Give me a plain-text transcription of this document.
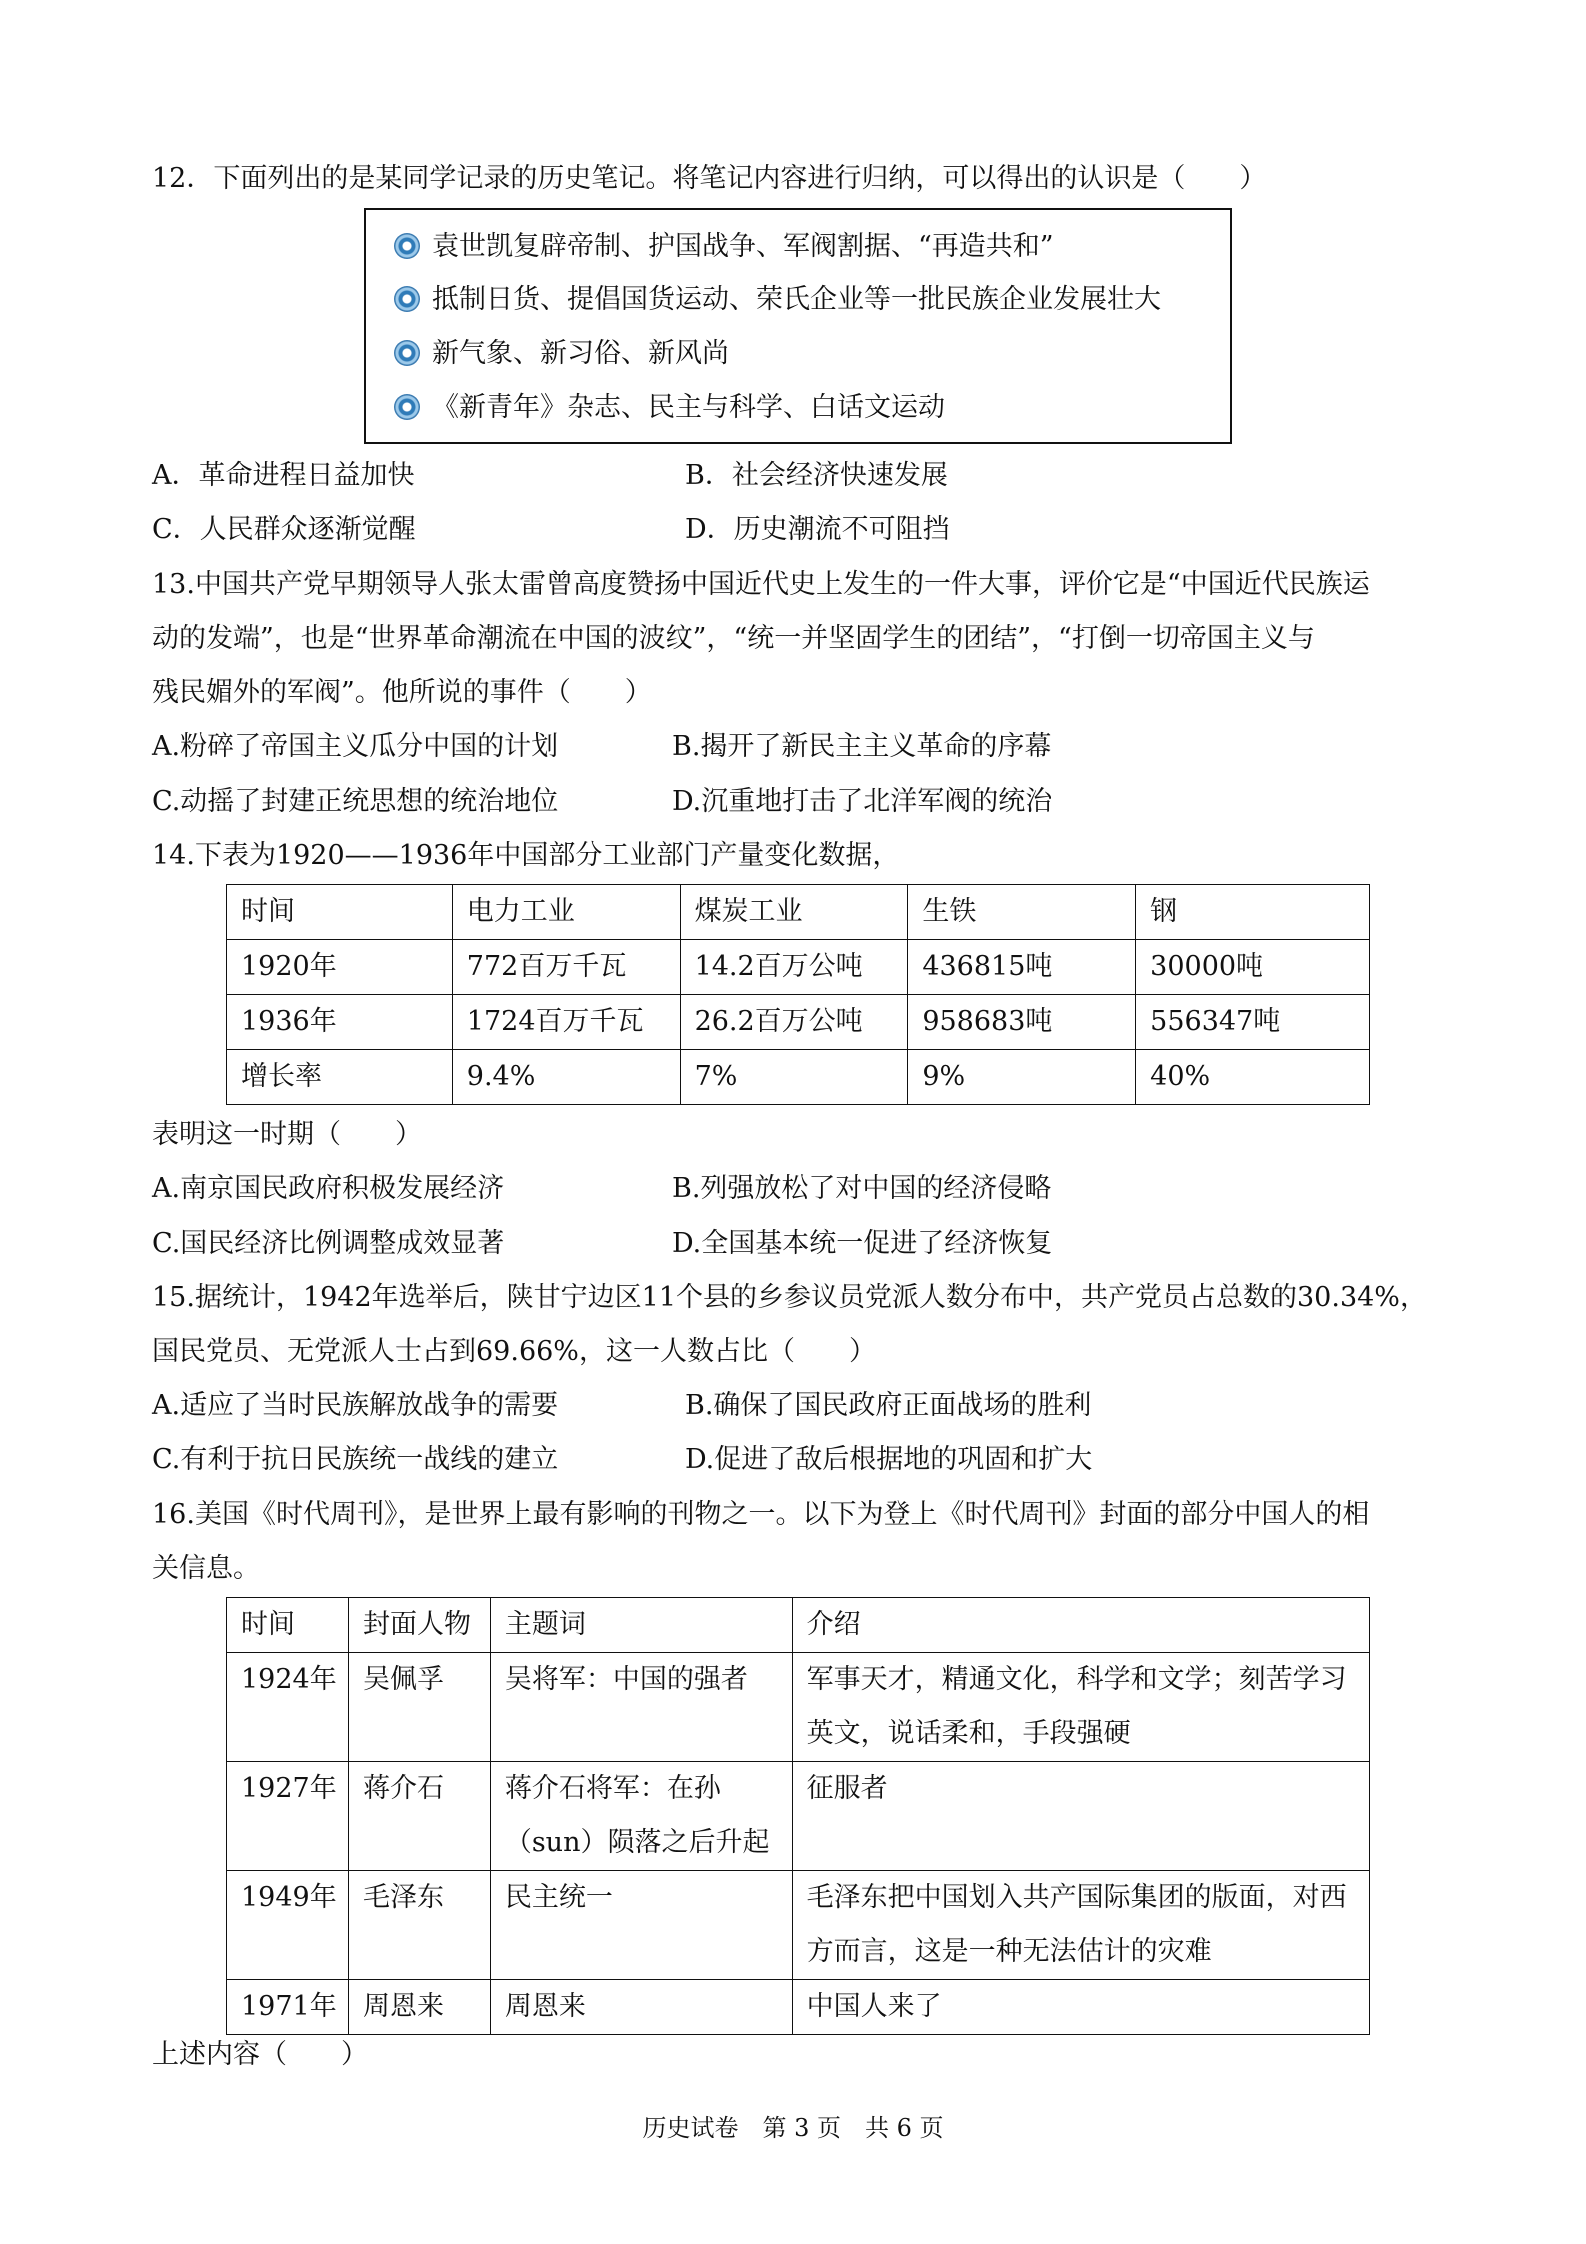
12．下面列出的是某同学记录的历史笔记。将笔记内容进行归纳，可以得出的认识是（　　）
袁世凯复辟帝制、护国战争、军阀割据、“再造共和”
抵制日货、提倡国货运动、荣氏企业等一批民族企业发展壮大
新气象、新习俗、新风尚
《新青年》杂志、民主与科学、白话文运动
A．革命进程日益加快	B．社会经济快速发展
C．人民群众逐渐觉醒	D．历史潮流不可阻挡
13.中国共产党早期领导人张太雷曾高度赞扬中国近代史上发生的一件大事，评价它是“中国近代民族运
动的发端”，也是“世界革命潮流在中国的波纹”，“统一并坚固学生的团结”，“打倒一切帝国主义与
残民媚外的军阀”。他所说的事件（　　）
A.粉碎了帝国主义瓜分中国的计划	B.揭开了新民主主义革命的序幕
C.动摇了封建正统思想的统治地位	D.沉重地打击了北洋军阀的统治
14.下表为1920——1936年中国部分工业部门产量变化数据，
时间	电力工业	煤炭工业	生铁	钢
1920年	772百万千瓦	14.2百万公吨	436815吨	30000吨
1936年	1724百万千瓦	26.2百万公吨	958683吨	556347吨
增长率	9.4%	7%	9%	40%
表明这一时期（　　）
A.南京国民政府积极发展经济	B.列强放松了对中国的经济侵略
C.国民经济比例调整成效显著	D.全国基本统一促进了经济恢复
15.据统计，1942年选举后，陕甘宁边区11个县的乡参议员党派人数分布中，共产党员占总数的30.34%，
国民党员、无党派人士占到69.66%，这一人数占比（　　）
A.适应了当时民族解放战争的需要	B.确保了国民政府正面战场的胜利
C.有利于抗日民族统一战线的建立	D.促进了敌后根据地的巩固和扩大
16.美国《时代周刊》，是世界上最有影响的刊物之一。以下为登上《时代周刊》封面的部分中国人的相
关信息。
时间	封面人物	主题词	介绍
1924年	吴佩孚	吴将军：中国的强者	军事天才，精通文化，科学和文学；刻苦学习英文，说话柔和，手段强硬
1927年	蒋介石	蒋介石将军：在孙（sun）陨落之后升起	征服者
1949年	毛泽东	民主统一	毛泽东把中国划入共产国际集团的版面，对西方而言，这是一种无法估计的灾难
1971年	周恩来	周恩来	中国人来了
上述内容（　　）
历史试卷　第 3 页　共 6 页
